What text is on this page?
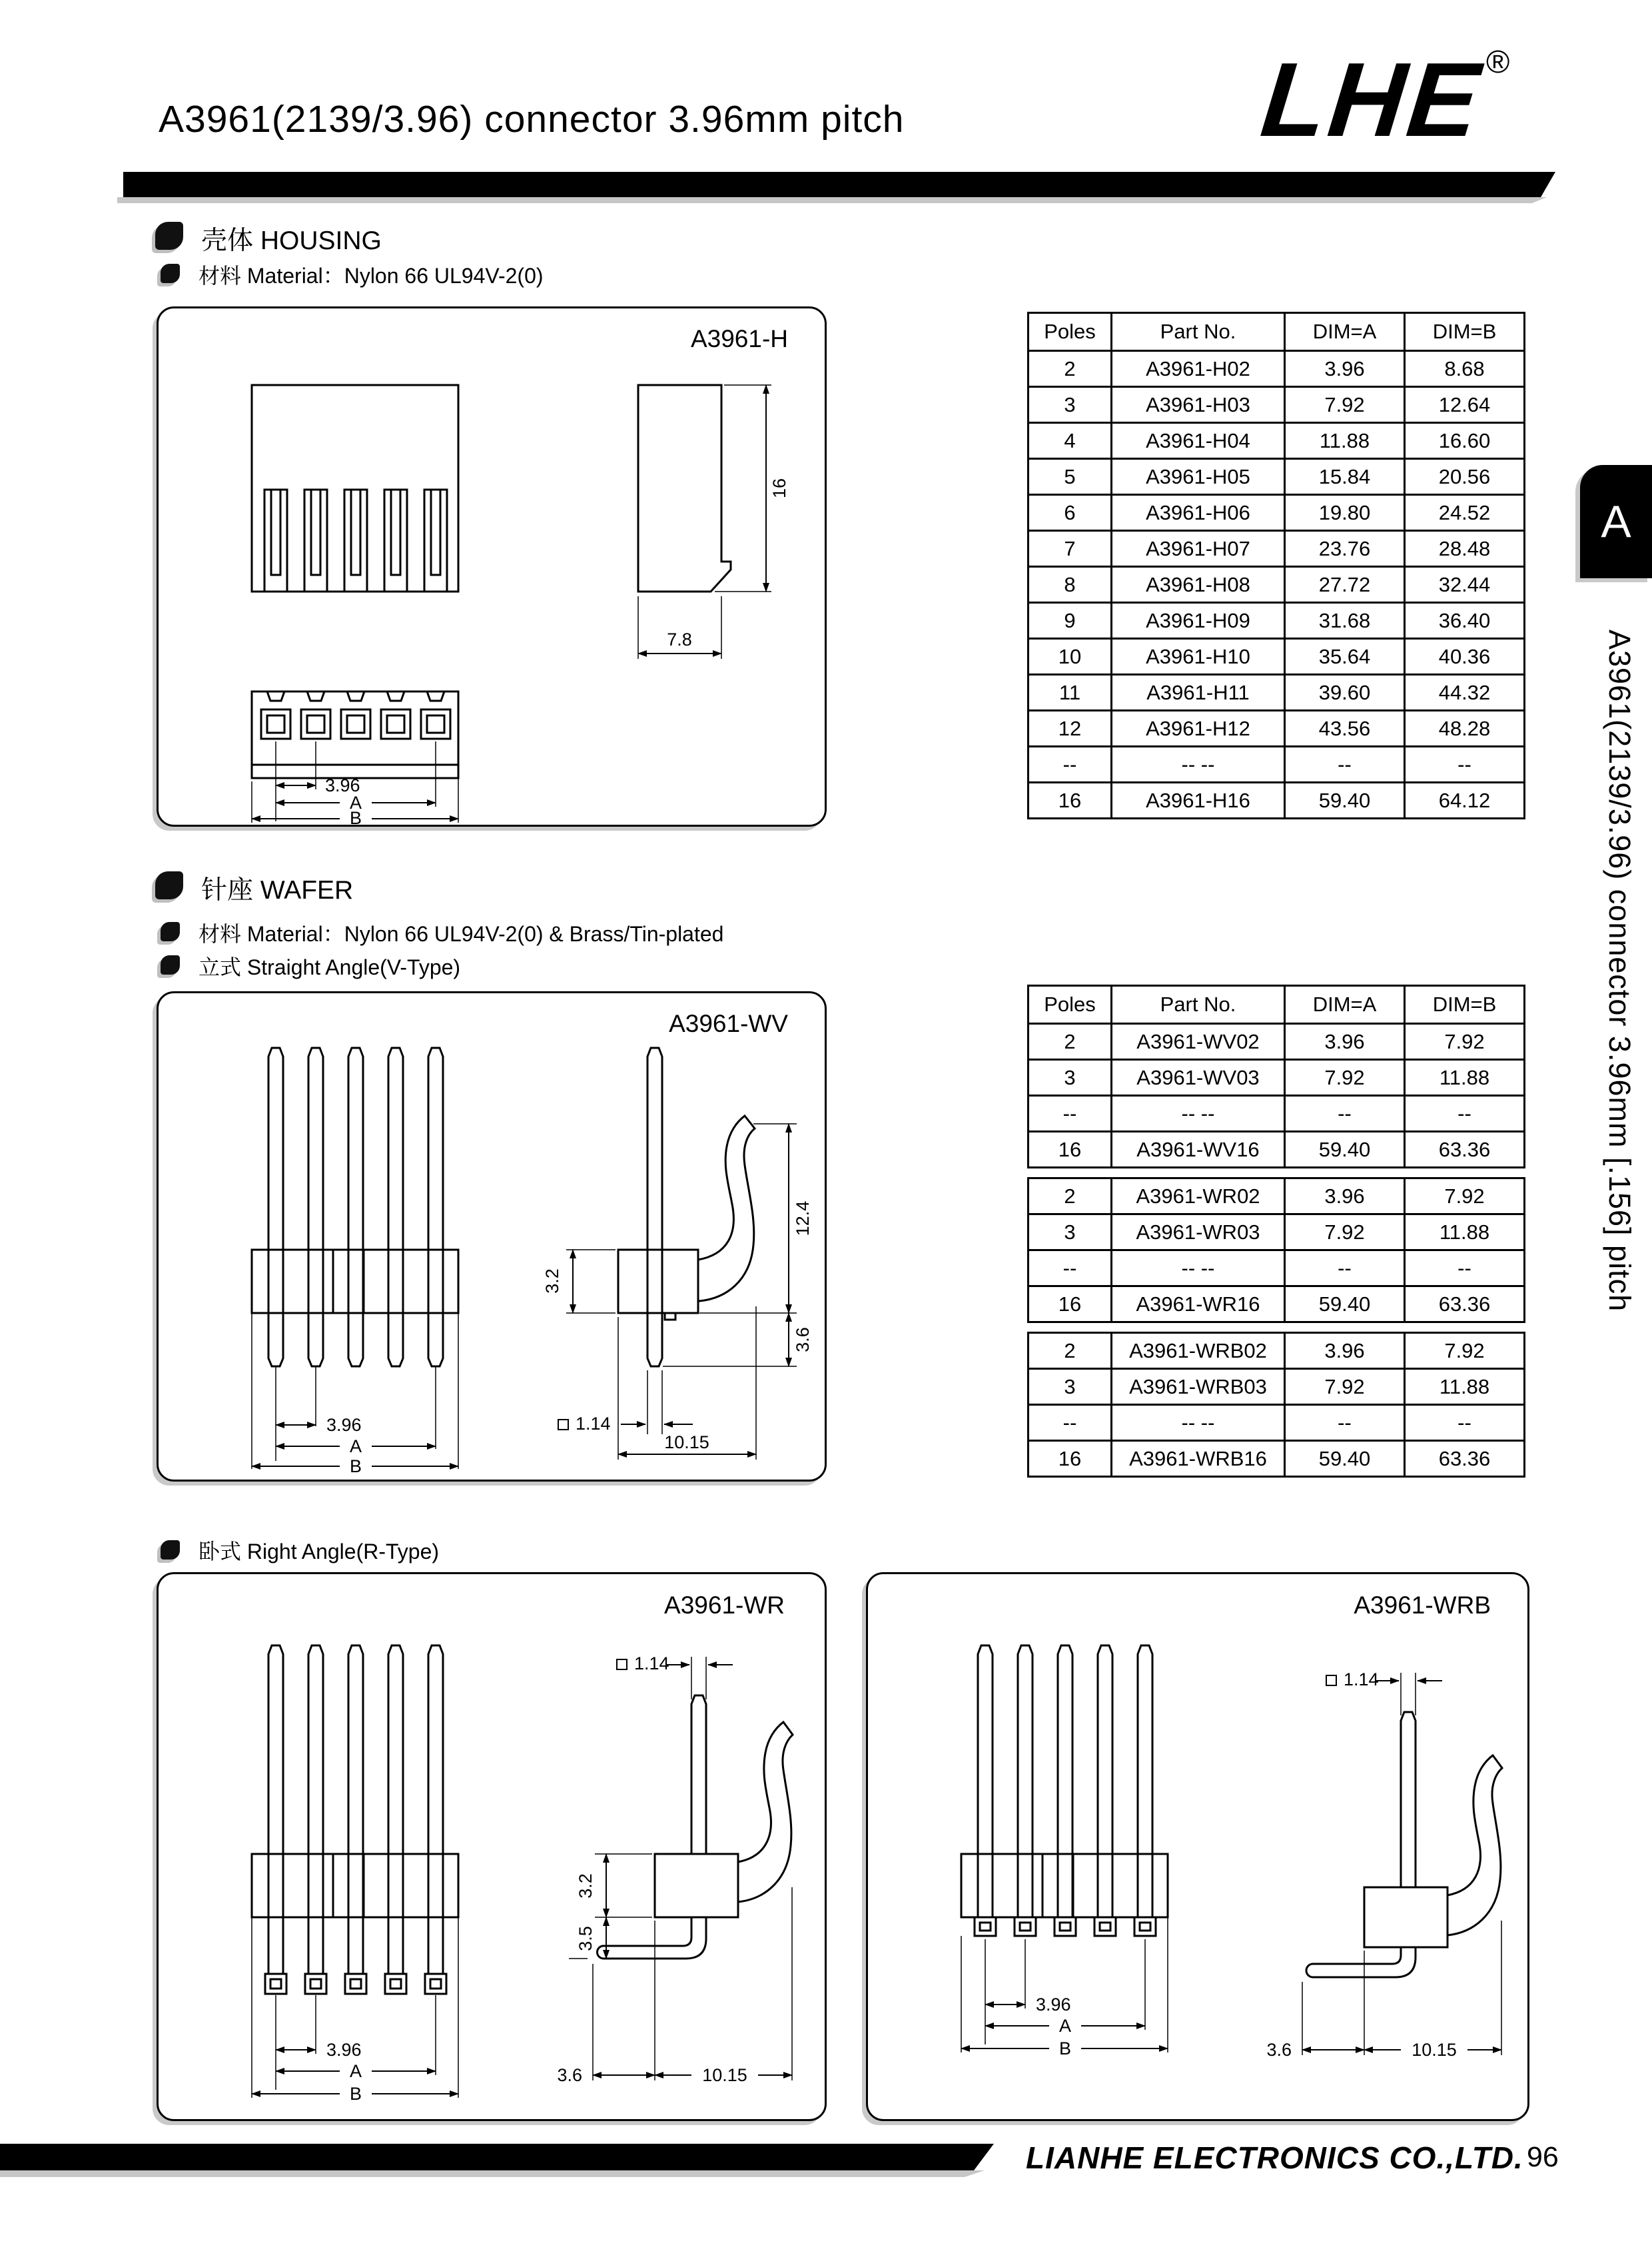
A3961(2139/3.96) connector 3.96mm pitch	LHE®
壳体 HOUSING
材料 Material：Nylon 66 UL94V-2(0)
A3961-H
16
7.8
3.96
A
B
Poles	Part No.	DIM=A	DIM=B
2	A3961-H02	3.96	8.68
3	A3961-H03	7.92	12.64
4	A3961-H04	11.88	16.60
5	A3961-H05	15.84	20.56
6	A3961-H06	19.80	24.52
7	A3961-H07	23.76	28.48
8	A3961-H08	27.72	32.44
9	A3961-H09	31.68	36.40
10	A3961-H10	35.64	40.36
11	A3961-H11	39.60	44.32
12	A3961-H12	43.56	48.28
--	-- --	--	--
16	A3961-H16	59.40	64.12
针座 WAFER
材料 Material：Nylon 66 UL94V-2(0) & Brass/Tin-plated
立式 Straight Angle(V-Type)
A3961-WV
3.96
A
B
3.2
12.4
3.6
1.14
10.15
Poles	Part No.	DIM=A	DIM=B
2	A3961-WV02	3.96	7.92
3	A3961-WV03	7.92	11.88
--	-- --	--	--
16	A3961-WV16	59.40	63.36
2	A3961-WR02	3.96	7.92
3	A3961-WR03	7.92	11.88
--	-- --	--	--
16	A3961-WR16	59.40	63.36
2	A3961-WRB02	3.96	7.92
3	A3961-WRB03	7.92	11.88
--	-- --	--	--
16	A3961-WRB16	59.40	63.36
卧式 Right Angle(R-Type)
A3961-WR
3.96
A
B
1.14
3.2
3.5
3.6	10.15
A3961-WRB
3.96
A
B
1.14
3.6	10.15
A
A3961(2139/3.96) connector 3.96mm [.156] pitch
LIANHE ELECTRONICS CO.,LTD. 96
